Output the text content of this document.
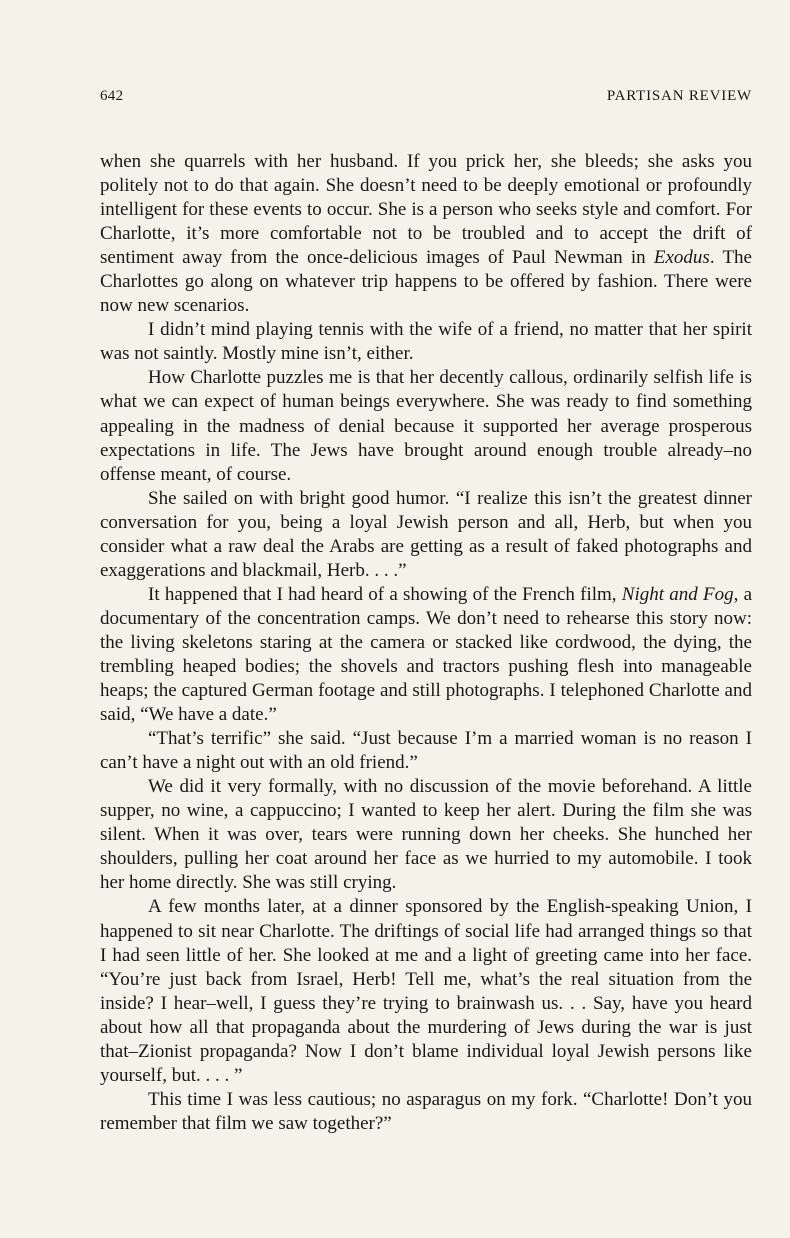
642	PARTISAN REVIEW

when she quarrels with her husband. If you prick her, she bleeds; she asks you politely not to do that again. She doesn’t need to be deeply emotional or profoundly intelligent for these events to occur. She is a person who seeks style and comfort. For Charlotte, it’s more comfortable not to be troubled and to accept the drift of sentiment away from the once-delicious images of Paul Newman in Exodus. The Charlottes go along on whatever trip happens to be offered by fashion. There were now new scenarios.

I didn’t mind playing tennis with the wife of a friend, no matter that her spirit was not saintly. Mostly mine isn’t, either.

How Charlotte puzzles me is that her decently callous, ordinarily selfish life is what we can expect of human beings everywhere. She was ready to find something appealing in the madness of denial because it supported her average prosperous expectations in life. The Jews have brought around enough trouble already–no offense meant, of course.

She sailed on with bright good humor. “I realize this isn’t the greatest dinner conversation for you, being a loyal Jewish person and all, Herb, but when you consider what a raw deal the Arabs are getting as a result of faked photographs and exaggerations and blackmail, Herb. . . .”

It happened that I had heard of a showing of the French film, Night and Fog, a documentary of the concentration camps. We don’t need to rehearse this story now: the living skeletons staring at the camera or stacked like cordwood, the dying, the trembling heaped bodies; the shovels and tractors pushing flesh into manageable heaps; the captured German footage and still photographs. I telephoned Charlotte and said, “We have a date.”

“That’s terrific” she said. “Just because I’m a married woman is no reason I can’t have a night out with an old friend.”

We did it very formally, with no discussion of the movie beforehand. A little supper, no wine, a cappuccino; I wanted to keep her alert. During the film she was silent. When it was over, tears were running down her cheeks. She hunched her shoulders, pulling her coat around her face as we hurried to my automobile. I took her home directly. She was still crying.

A few months later, at a dinner sponsored by the English-speaking Union, I happened to sit near Charlotte. The driftings of social life had arranged things so that I had seen little of her. She looked at me and a light of greeting came into her face. “You’re just back from Israel, Herb! Tell me, what’s the real situation from the inside? I hear–well, I guess they’re trying to brainwash us. . . Say, have you heard about how all that propaganda about the murdering of Jews during the war is just that–Zionist propaganda? Now I don’t blame individual loyal Jewish persons like yourself, but. . . . ”

This time I was less cautious; no asparagus on my fork. “Charlotte! Don’t you remember that film we saw together?”
